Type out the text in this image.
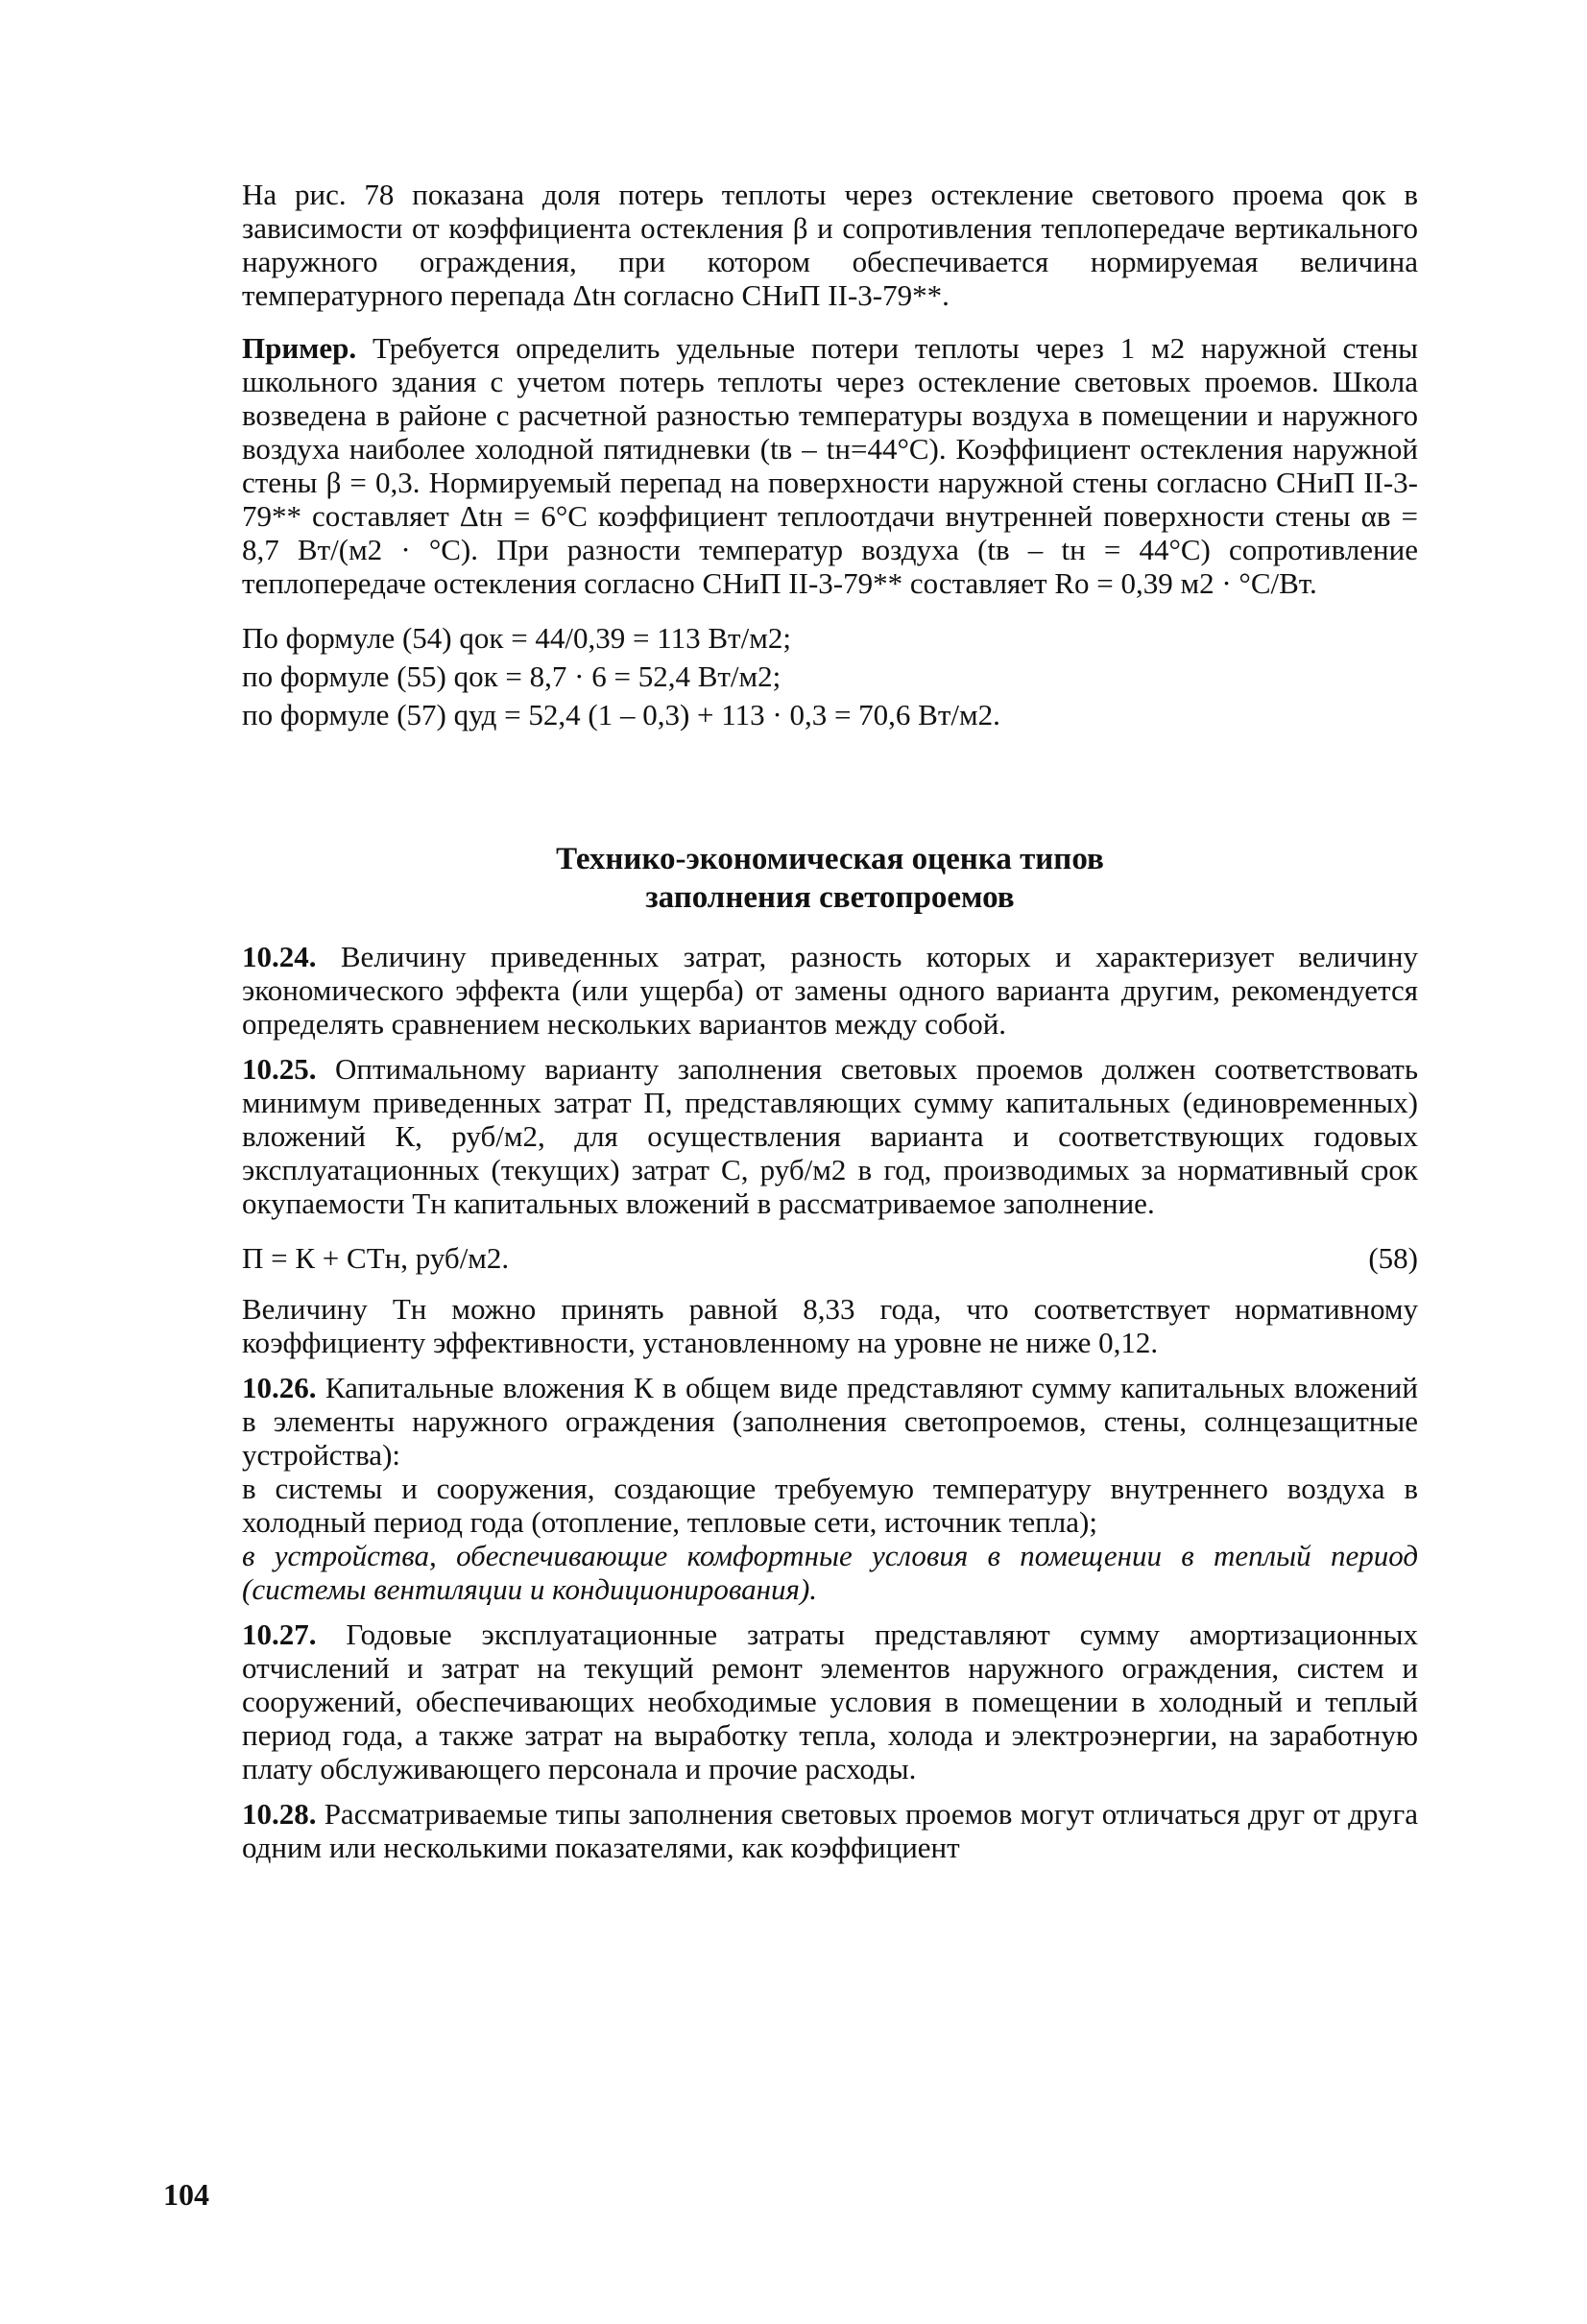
На рис. 78 показана доля потерь теплоты через остекление светового проема qок в зависимости от коэффициента остекления β и сопротивления теплопередаче вертикального наружного ограждения, при котором обеспечивается нормируемая величина температурного перепада Δtн согласно СНиП II-3-79**.

Пример. Требуется определить удельные потери теплоты через 1 м2 наружной стены школьного здания с учетом потерь теплоты через остекление световых проемов. Школа возведена в районе с расчетной разностью температуры воздуха в помещении и наружного воздуха наиболее холодной пятидневки (tв – tн=44°С). Коэффициент остекления наружной стены β = 0,3. Нормируемый перепад на поверхности наружной стены согласно СНиП II-3-79** составляет Δtн = 6°С коэффициент теплоотдачи внутренней поверхности стены αв = 8,7 Вт/(м2 · °С). При разности температур воздуха (tв – tн = 44°С) сопротивление теплопередаче остекления согласно СНиП II-3-79** составляет Rо = 0,39 м2 · °С/Вт.

По формуле (54) qок = 44/0,39 = 113 Вт/м2;
по формуле (55) qок = 8,7 · 6 = 52,4 Вт/м2;
по формуле (57) qуд = 52,4 (1 – 0,3) + 113 · 0,3 = 70,6 Вт/м2.
Технико-экономическая оценка типов
заполнения светопроемов

10.24. Величину приведенных затрат, разность которых и характеризует величину экономического эффекта (или ущерба) от замены одного варианта другим, рекомендуется определять сравнением нескольких вариантов между собой.

10.25. Оптимальному варианту заполнения световых проемов должен соответствовать минимум приведенных затрат П, представляющих сумму капитальных (единовременных) вложений К, руб/м2, для осуществления варианта и соответствующих годовых эксплуатационных (текущих) затрат С, руб/м2 в год, производимых за нормативный срок окупаемости Tн капитальных вложений в рассматриваемое заполнение.

П = К + СТн, руб/м2.	(58)

Величину Tн можно принять равной 8,33 года, что соответствует нормативному коэффициенту эффективности, установленному на уровне не ниже 0,12.

10.26. Капитальные вложения К в общем виде представляют сумму капитальных вложений в элементы наружного ограждения (заполнения светопроемов, стены, солнцезащитные устройства):

в системы и сооружения, создающие требуемую температуру внутреннего воздуха в холодный период года (отопление, тепловые сети, источник тепла);

в устройства, обеспечивающие комфортные условия в помещении в теплый период (системы вентиляции и кондиционирования).

10.27. Годовые эксплуатационные затраты представляют сумму амортизационных отчислений и затрат на текущий ремонт элементов наружного ограждения, систем и сооружений, обеспечивающих необходимые условия в помещении в холодный и теплый период года, а также затрат на выработку тепла, холода и электроэнергии, на заработную плату обслуживающего персонала и прочие расходы.

10.28. Рассматриваемые типы заполнения световых проемов могут отличаться друг от друга одним или несколькими показателями, как коэффициент

104
